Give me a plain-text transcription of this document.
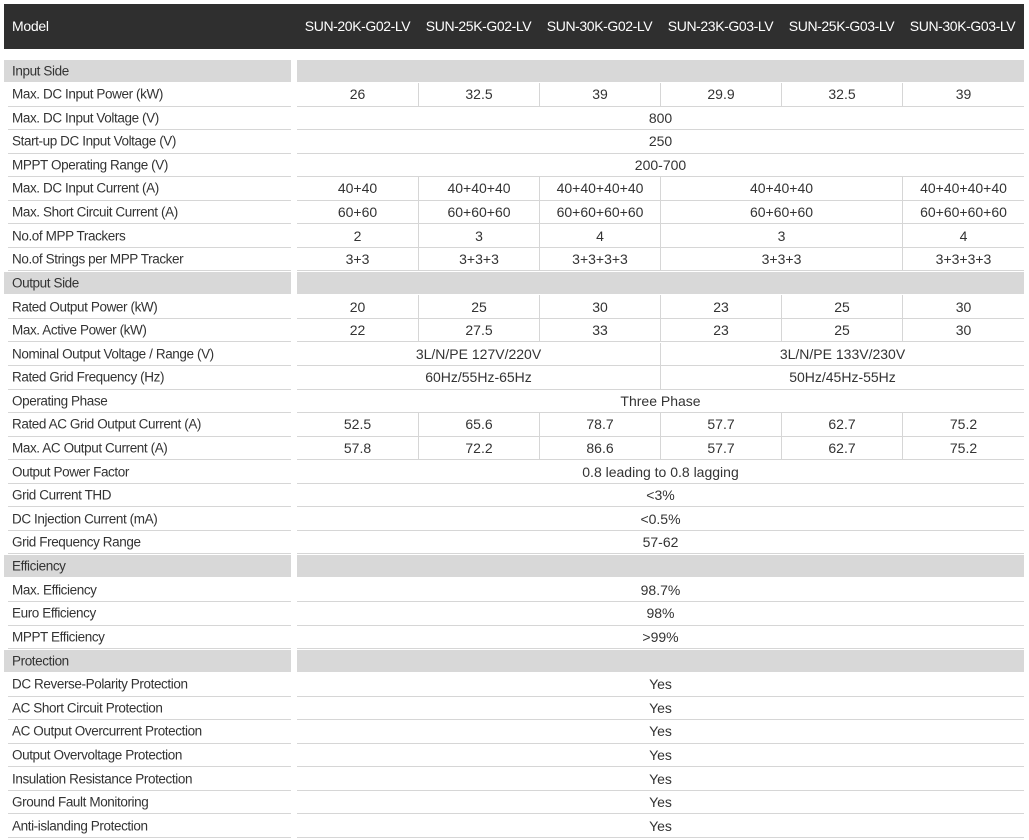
Model	SUN-20K-G02-LV	SUN-25K-G02-LV	SUN-30K-G02-LV	SUN-23K-G03-LV	SUN-25K-G03-LV	SUN-30K-G03-LV
Input Side
Max. DC Input Power (kW)	26	32.5	39	29.9	32.5	39
Max. DC Input Voltage (V)	800
Start-up DC Input Voltage (V)	250
MPPT Operating Range (V)	200-700
Max. DC Input Current (A)	40+40	40+40+40	40+40+40+40	40+40+40	40+40+40+40
Max. Short Circuit Current (A)	60+60	60+60+60	60+60+60+60	60+60+60	60+60+60+60
No.of MPP Trackers	2	3	4	3	4
No.of Strings per MPP Tracker	3+3	3+3+3	3+3+3+3	3+3+3	3+3+3+3
Output Side
Rated Output Power (kW)	20	25	30	23	25	30
Max. Active Power (kW)	22	27.5	33	23	25	30
Nominal Output Voltage / Range (V)	3L/N/PE 127V/220V	3L/N/PE 133V/230V
Rated Grid Frequency (Hz)	60Hz/55Hz-65Hz	50Hz/45Hz-55Hz
Operating Phase	Three Phase
Rated AC Grid Output Current (A)	52.5	65.6	78.7	57.7	62.7	75.2
Max. AC Output Current (A)	57.8	72.2	86.6	57.7	62.7	75.2
Output Power Factor	0.8 leading to 0.8 lagging
Grid Current THD	<3%
DC Injection Current (mA)	<0.5%
Grid Frequency Range	57-62
Efficiency
Max. Efficiency	98.7%
Euro Efficiency	98%
MPPT Efficiency	>99%
Protection
DC Reverse-Polarity Protection	Yes
AC Short Circuit Protection	Yes
AC Output Overcurrent Protection	Yes
Output Overvoltage Protection	Yes
Insulation Resistance Protection	Yes
Ground Fault Monitoring	Yes
Anti-islanding Protection	Yes
